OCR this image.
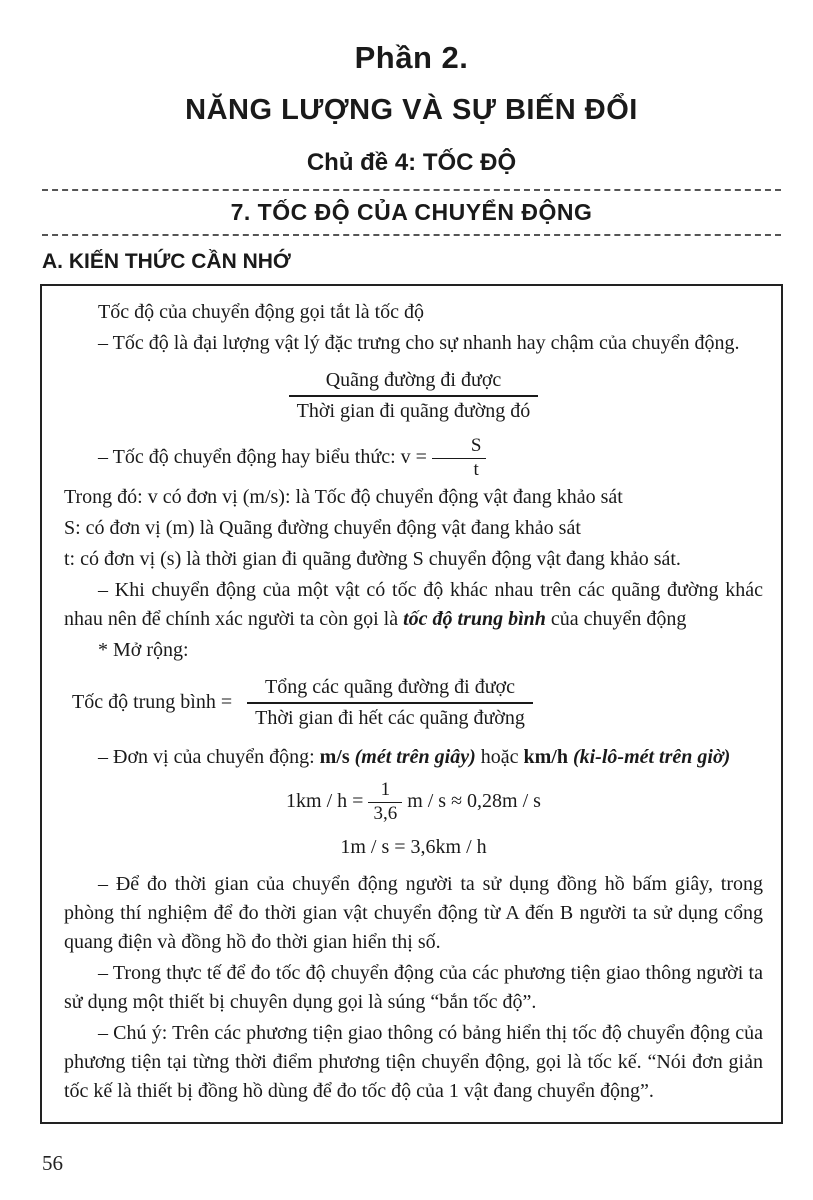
Phần 2.
NĂNG LƯỢNG VÀ SỰ BIẾN ĐỔI
Chủ đề 4: TỐC ĐỘ
7. TỐC ĐỘ CỦA CHUYỂN ĐỘNG
A. KIẾN THỨC CẦN NHỚ

Tốc độ của chuyển động gọi tắt là tốc độ

– Tốc độ là đại lượng vật lý đặc trưng cho sự nhanh hay chậm của chuyển động.

$\frac{\text{Quãng đường đi được}}{\text{Thời gian đi quãng đường đó}}$

– Tốc độ chuyển động hay biểu thức: $v = \frac{S}{t}$

Trong đó: v có đơn vị (m/s): là Tốc độ chuyển động vật đang khảo sát

S: có đơn vị (m) là Quãng đường chuyển động vật đang khảo sát

t: có đơn vị (s) là thời gian đi quãng đường S chuyển động vật đang khảo sát.

– Khi chuyển động của một vật có tốc độ khác nhau trên các quãng đường khác nhau nên để chính xác người ta còn gọi là tốc độ trung bình của chuyển động

* Mở rộng:

Tốc độ trung bình = $\frac{\text{Tổng các quãng đường đi được}}{\text{Thời gian đi hết các quãng đường}}$

– Đơn vị của chuyển động: m/s (mét trên giây) hoặc km/h (ki-lô-mét trên giờ)

$1km / h = \frac{1}{3,6}$ m / s ≈ 0,28m / s
1m / s = 3,6km / h

– Để đo thời gian của chuyển động người ta sử dụng đồng hồ bấm giây, trong phòng thí nghiệm để đo thời gian vật chuyển động từ A đến B người ta sử dụng cổng quang điện và đồng hồ đo thời gian hiển thị số.

– Trong thực tế để đo tốc độ chuyển động của các phương tiện giao thông người ta sử dụng một thiết bị chuyên dụng gọi là súng “bắn tốc độ”.

– Chú ý: Trên các phương tiện giao thông có bảng hiển thị tốc độ chuyển động của phương tiện tại từng thời điểm phương tiện chuyển động, gọi là tốc kế. “Nói đơn giản tốc kế là thiết bị đồng hồ dùng để đo tốc độ của 1 vật đang chuyển động”.

56
